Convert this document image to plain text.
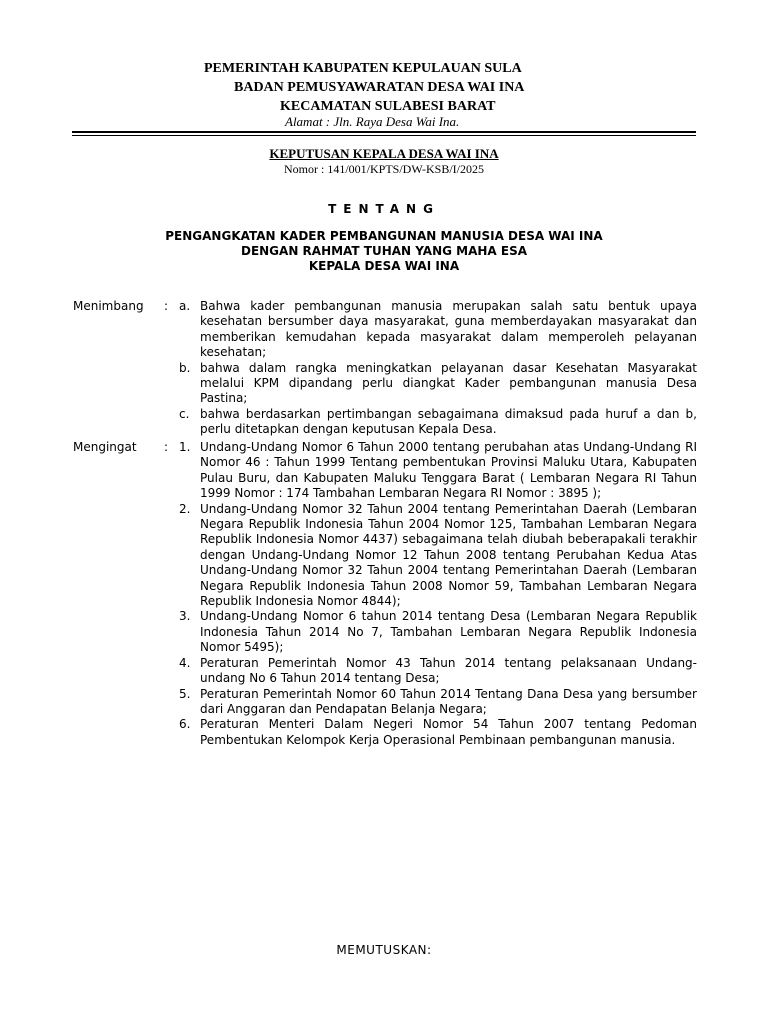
PEMERINTAH KABUPATEN KEPULAUAN SULA
BADAN PEMUSYAWARATAN DESA WAI INA
KECAMATAN SULABESI BARAT
Alamat : Jln. Raya Desa Wai Ina.
KEPUTUSAN KEPALA DESA WAI INA
Nomor : 141/001/KPTS/DW-KSB/I/2025
TENTANG
PENGANGKATAN KADER PEMBANGUNAN MANUSIA DESA WAI INA
DENGAN RAHMAT TUHAN YANG MAHA ESA
KEPALA DESA WAI INA
Menimbang : a. Bahwa kader pembangunan manusia merupakan salah satu bentuk upaya kesehatan bersumber daya masyarakat, guna memberdayakan masyarakat dan memberikan kemudahan kepada masyarakat dalam memperoleh pelayanan kesehatan;
b. bahwa dalam rangka meningkatkan pelayanan dasar Kesehatan Masyarakat melalui KPM dipandang perlu diangkat Kader pembangunan manusia Desa Pastina;
c. bahwa berdasarkan pertimbangan sebagaimana dimaksud pada huruf a dan b, perlu ditetapkan dengan keputusan Kepala Desa.
Mengingat : 1. Undang-Undang Nomor 6 Tahun 2000 tentang perubahan atas Undang-Undang RI Nomor 46 : Tahun 1999 Tentang pembentukan Provinsi Maluku Utara, Kabupaten Pulau Buru, dan Kabupaten Maluku Tenggara Barat ( Lembaran Negara RI Tahun 1999 Nomor : 174 Tambahan Lembaran Negara RI Nomor : 3895 );
2. Undang-Undang Nomor 32 Tahun 2004 tentang Pemerintahan Daerah (Lembaran Negara Republik Indonesia Tahun 2004 Nomor 125, Tambahan Lembaran Negara Republik Indonesia Nomor 4437) sebagaimana telah diubah beberapakali terakhir dengan Undang-Undang Nomor 12 Tahun 2008 tentang Perubahan Kedua Atas Undang-Undang Nomor 32 Tahun 2004 tentang Pemerintahan Daerah (Lembaran Negara Republik Indonesia Tahun 2008 Nomor 59, Tambahan Lembaran Negara Republik Indonesia Nomor 4844);
3. Undang-Undang Nomor 6 tahun 2014 tentang Desa (Lembaran Negara Republik Indonesia Tahun 2014 No 7, Tambahan Lembaran Negara Republik Indonesia Nomor 5495);
4. Peraturan Pemerintah Nomor 43 Tahun 2014 tentang pelaksanaan Undang-undang No 6 Tahun 2014 tentang Desa;
5. Peraturan Pemerintah Nomor 60 Tahun 2014 Tentang Dana Desa yang bersumber dari Anggaran dan Pendapatan Belanja Negara;
6. Peraturan Menteri Dalam Negeri Nomor 54 Tahun 2007 tentang Pedoman Pembentukan Kelompok Kerja Operasional Pembinaan pembangunan manusia.
MEMUTUSKAN:
